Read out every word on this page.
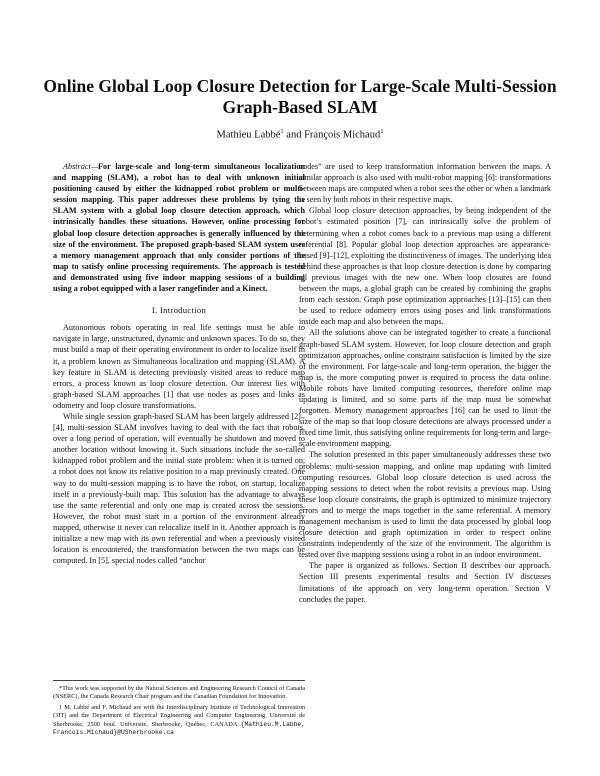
Online Global Loop Closure Detection for Large-Scale Multi-Session Graph-Based SLAM
Mathieu Labbé$^1$ and François Michaud$^1$

Abstract—For large-scale and long-term simultaneous localization and mapping (SLAM), a robot has to deal with unknown initial positioning caused by either the kidnapped robot problem or multi-session mapping. This paper addresses these problems by tying the SLAM system with a global loop closure detection approach, which intrinsically handles these situations. However, online processing for global loop closure detection approaches is generally influenced by the size of the environment. The proposed graph-based SLAM system uses a memory management approach that only consider portions of the map to satisfy online processing requirements. The approach is tested and demonstrated using five indoor mapping sessions of a building using a robot equipped with a laser rangefinder and a Kinect.

I. Introduction

Autonomous robots operating in real life settings must be able to navigate in large, unstructured, dynamic and unknown spaces. To do so, they must build a map of their operating environment in order to localize itself in it, a problem known as Simultaneous localization and mapping (SLAM). A key feature in SLAM is detecting previously visited areas to reduce map errors, a process known as loop closure detection. Our interest lies with graph-based SLAM approaches [1] that use nodes as poses and links as odometry and loop closure transformations.

While single session graph-based SLAM has been largely addressed [2]–[4], multi-session SLAM involves having to deal with the fact that robots, over a long period of operation, will eventually be shutdown and moved to another location without knowing it. Such situations include the so-called kidnapped robot problem and the initial state problem: when it is turned on, a robot does not know its relative position to a map previously created. One way to do multi-session mapping is to have the robot, on startup, localize itself in a previously-built map. This solution has the advantage to always use the same referential and only one map is created across the sessions. However, the robot must start in a portion of the environment already mapped, otherwise it never can relocalize itself in it. Another approach is to initialize a new map with its own referential and when a previously visited location is encountered, the transformation between the two maps can be computed. In [5], special nodes called “anchor

nodes” are used to keep transformation information between the maps. A similar approach is also used with multi-robot mapping [6]: transformations between maps are computed when a robot sees the other or when a landmark is seen by both robots in their respective maps.

Global loop closure detection approaches, by being independent of the robot’s estimated position [7], can intrinsically solve the problem of determining when a robot comes back to a previous map using a different referential [8]. Popular global loop detection approaches are appearance-based [9]–[12], exploiting the distinctiveness of images. The underlying idea behind these approaches is that loop closure detection is done by comparing all previous images with the new one. When loop closures are found between the maps, a global graph can be created by combining the graphs from each session. Graph pose optimization approaches [13]–[15] can then be used to reduce odometry errors using poses and link transformations inside each map and also between the maps.

All the solutions above can be integrated together to create a functional graph-based SLAM system. However, for loop closure detection and graph optimization approaches, online constraint satisfaction is limited by the size of the environment. For large-scale and long-term operation, the bigger the map is, the more computing power is required to process the data online. Mobile robots have limited computing resources, therefore online map updating is limited, and so some parts of the map must be somewhat forgotten. Memory management approaches [16] can be used to limit the size of the map so that loop closure detections are always processed under a fixed time limit, thus satisfying online requirements for long-term and large-scale environment mapping.

The solution presented in this paper simultaneously addresses these two problems: multi-session mapping, and online map updating with limited computing resources. Global loop closure detection is used across the mapping sessions to detect when the robot revisits a previous map. Using these loop closure constraints, the graph is optimized to minimize trajectory errors and to merge the maps together in the same referential. A memory management mechanism is used to limit the data processed by global loop closure detection and graph optimization in order to respect online constraints independently of the size of the environment. The algorithm is tested over five mapping sessions using a robot in an indoor environment.

The paper is organized as follows. Section II describes our approach. Section III presents experimental results and Section IV discusses limitations of the approach on very long-term operation. Section V concludes the paper.

*This work was supported by the Natural Sciences and Engineering Research Council of Canada (NSERC), the Canada Research Chair program and the Canadian Foundation for Innovation.

1 M. Labbé and F. Michaud are with the Interdisciplinary Institute of Technological Innovation (3IT) and the Department of Electrical Engineering and Computer Engineering, Université de Sherbrooke, 2500 boul. Université, Sherbrooke, Québec, CANADA {Mathieu.M.Labbe, Francois.Michaud}@USherbrooke.ca
